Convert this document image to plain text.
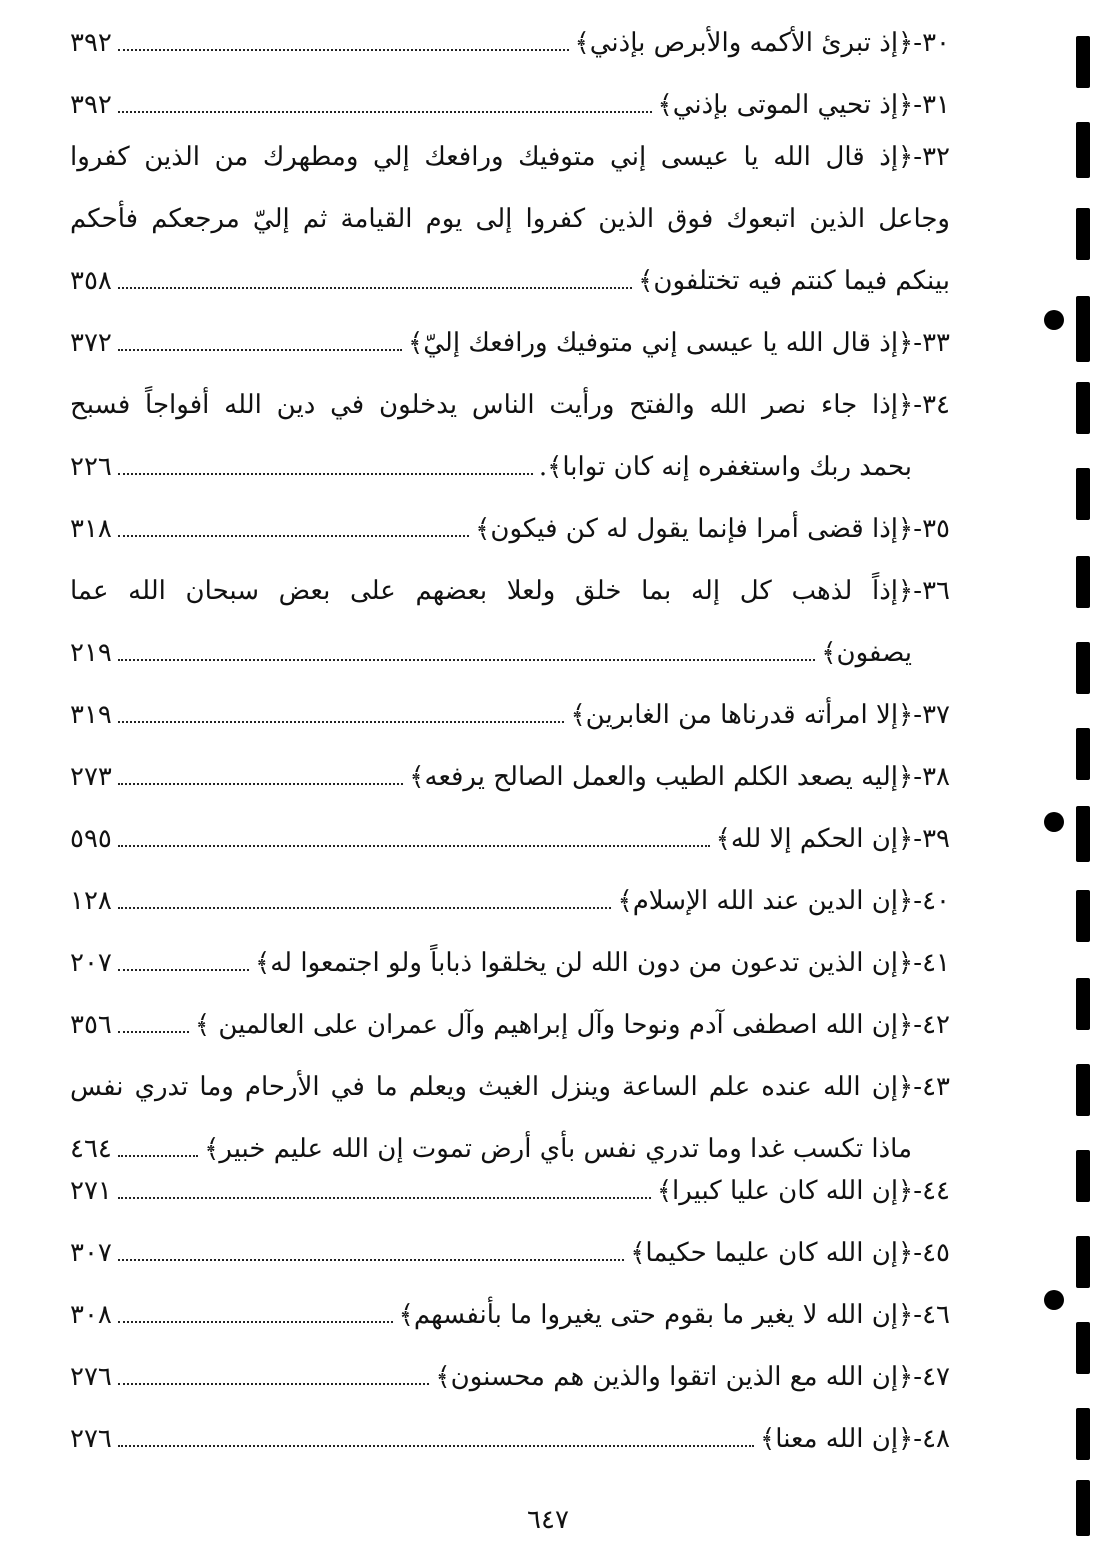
٣٠-﴿إذ تبرئ الأكمه والأبرص بإذني﴾
٣٩٢
٣١-﴿إذ تحيي الموتى بإذني﴾
٣٩٢
٣٢-﴿إذ قال الله يا عيسى إني متوفيك ورافعك إلي ومطهرك من الذين كفروا
وجاعل الذين اتبعوك فوق الذين كفروا إلى يوم القيامة ثم إليّ مرجعكم فأحكم
بينكم فيما كنتم فيه تختلفون﴾
٣٥٨
٣٣-﴿إذ قال الله يا عيسى إني متوفيك ورافعك إليّ﴾
٣٧٢
٣٤-﴿إذا جاء نصر الله والفتح ورأيت الناس يدخلون في دين الله أفواجاً فسبح
بحمد ربك واستغفره إنه كان توابا﴾.
٢٢٦
٣٥-﴿إذا قضى أمرا فإنما يقول له كن فيكون﴾
٣١٨
٣٦-﴿إذاً لذهب كل إله بما خلق ولعلا بعضهم على بعض سبحان الله عما
يصفون﴾
٢١٩
٣٧-﴿إلا امرأته قدرناها من الغابرين﴾
٣١٩
٣٨-﴿إليه يصعد الكلم الطيب والعمل الصالح يرفعه﴾
٢٧٣
٣٩-﴿إن الحكم إلا لله﴾
٥٩٥
٤٠-﴿إن الدين عند الله الإسلام﴾
١٢٨
٤١-﴿إن الذين تدعون من دون الله لن يخلقوا ذباباً ولو اجتمعوا له﴾
٢٠٧
٤٢-﴿إن الله اصطفى آدم ونوحا وآل إبراهيم وآل عمران على العالمين ﴾
٣٥٦
٤٣-﴿إن الله عنده علم الساعة وينزل الغيث ويعلم ما في الأرحام وما تدري نفس
ماذا تكسب غدا وما تدري نفس بأي أرض تموت إن الله عليم خبير﴾
٤٦٤
٤٤-﴿إن الله كان عليا كبيرا﴾
٢٧١
٤٥-﴿إن الله كان عليما حكيما﴾
٣٠٧
٤٦-﴿إن الله لا يغير ما بقوم حتى يغيروا ما بأنفسهم﴾
٣٠٨
٤٧-﴿إن الله مع الذين اتقوا والذين هم محسنون﴾
٢٧٦
٤٨-﴿إن الله معنا﴾
٢٧٦
٦٤٧
